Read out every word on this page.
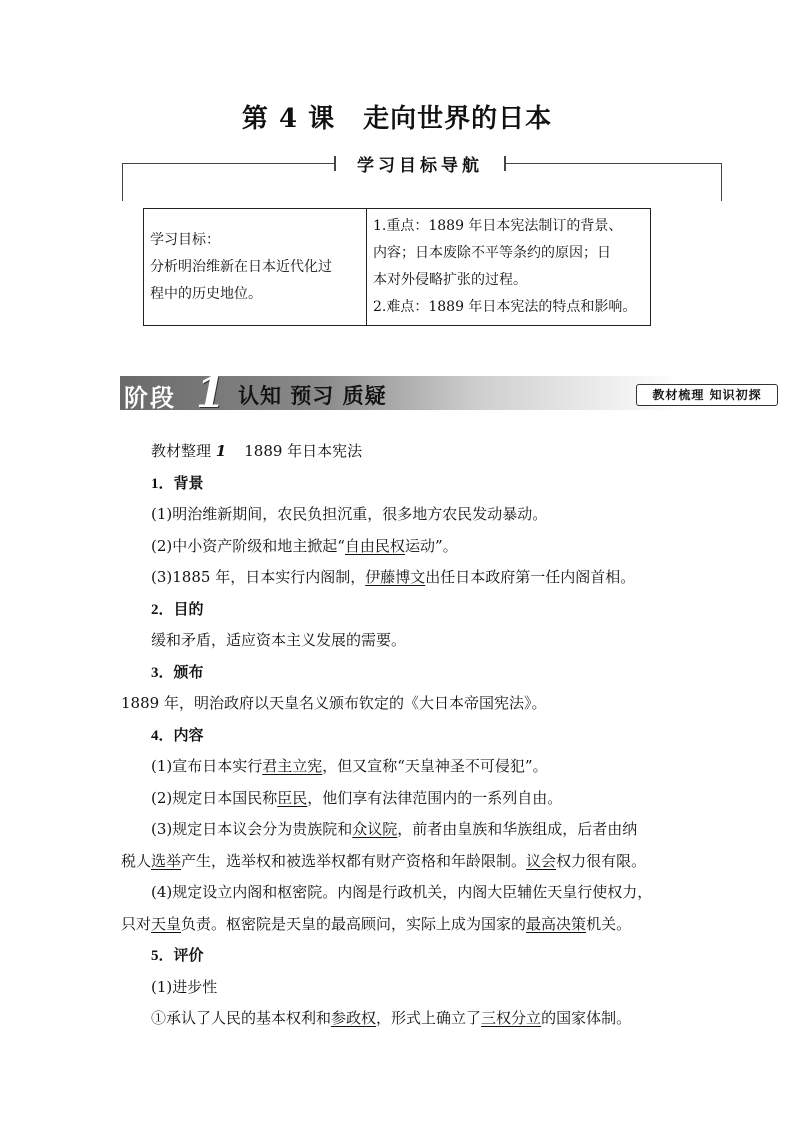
第 4 课 走向世界的日本
学习目标导航
学习目标：
分析明治维新在日本近代化过
程中的历史地位。

1.重点：1889 年日本宪法制订的背景、
内容；日本废除不平等条约的原因；日
本对外侵略扩张的过程。
2.难点：1889 年日本宪法的特点和影响。
阶段 1 认知 预习 质疑	教材梳理 知识初探
教材整理 1 1889 年日本宪法
1．背景
(1)明治维新期间，农民负担沉重，很多地方农民发动暴动。
(2)中小资产阶级和地主掀起“自由民权运动”。
(3)1885 年，日本实行内阁制，伊藤博文出任日本政府第一任内阁首相。
2．目的
缓和矛盾，适应资本主义发展的需要。
3．颁布
1889 年，明治政府以天皇名义颁布钦定的《大日本帝国宪法》。
4．内容
(1)宣布日本实行君主立宪，但又宣称“天皇神圣不可侵犯”。
(2)规定日本国民称臣民，他们享有法律范围内的一系列自由。
(3)规定日本议会分为贵族院和众议院，前者由皇族和华族组成，后者由纳
税人选举产生，选举权和被选举权都有财产资格和年龄限制。议会权力很有限。
(4)规定设立内阁和枢密院。内阁是行政机关，内阁大臣辅佐天皇行使权力，
只对天皇负责。枢密院是天皇的最高顾问，实际上成为国家的最高决策机关。
5．评价
(1)进步性
①承认了人民的基本权利和参政权，形式上确立了三权分立的国家体制。
